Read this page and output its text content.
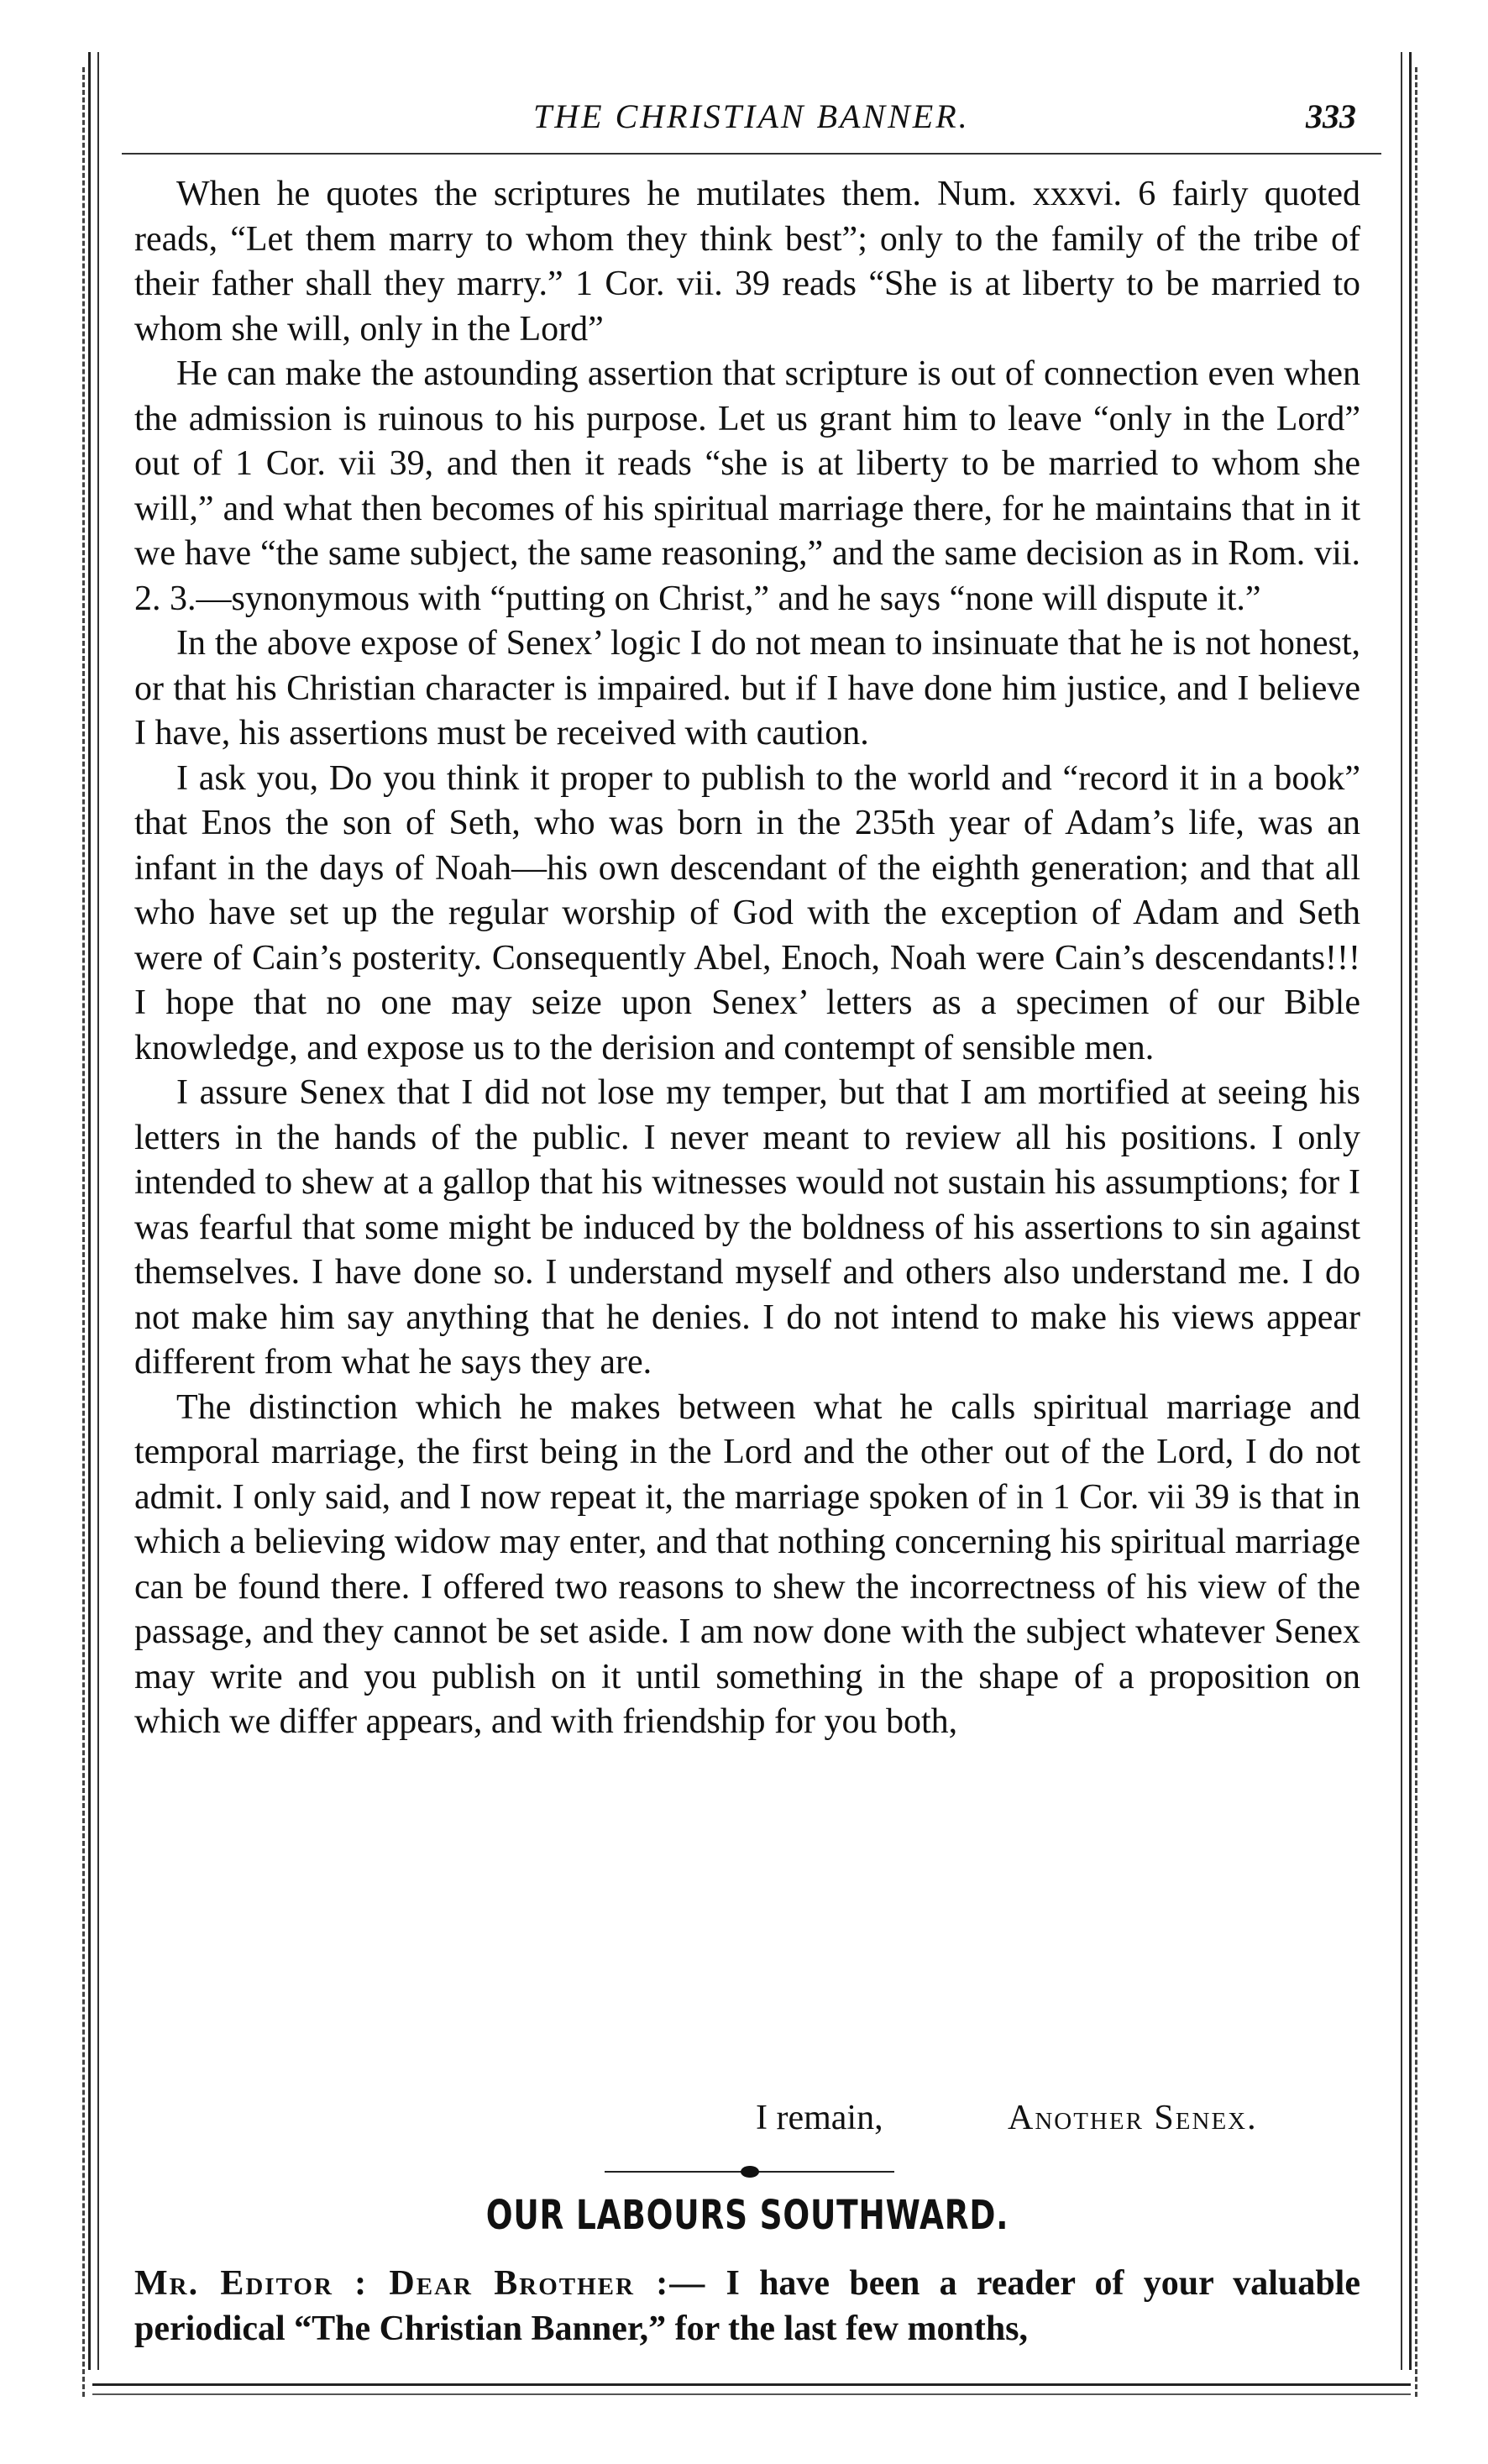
THE CHRISTIAN BANNER.	333

When he quotes the scriptures he mutilates them. Num. xxxvi. 6 fairly quoted reads, “Let them marry to whom they think best”; only to the family of the tribe of their father shall they marry.” 1 Cor. vii. 39 reads “She is at liberty to be married to whom she will, only in the Lord”

He can make the astounding assertion that scripture is out of connection even when the admission is ruinous to his purpose. Let us grant him to leave “only in the Lord” out of 1 Cor. vii 39, and then it reads “she is at liberty to be married to whom she will,” and what then becomes of his spiritual marriage there, for he maintains that in it we have “the same subject, the same reasoning,” and the same decision as in Rom. vii. 2. 3.—synonymous with “putting on Christ,” and he says “none will dispute it.”

In the above expose of Senex’ logic I do not mean to insinuate that he is not honest, or that his Christian character is impaired. but if I have done him justice, and I believe I have, his assertions must be received with caution.

I ask you, Do you think it proper to publish to the world and “record it in a book” that Enos the son of Seth, who was born in the 235th year of Adam’s life, was an infant in the days of Noah—his own descendant of the eighth generation; and that all who have set up the regular worship of God with the exception of Adam and Seth were of Cain’s posterity. Consequently Abel, Enoch, Noah were Cain’s descendants!!! I hope that no one may seize upon Senex’ letters as a specimen of our Bible knowledge, and expose us to the derision and contempt of sensible men.

I assure Senex that I did not lose my temper, but that I am mortified at seeing his letters in the hands of the public. I never meant to review all his positions. I only intended to shew at a gallop that his witnesses would not sustain his assumptions; for I was fearful that some might be induced by the boldness of his assertions to sin against themselves. I have done so. I understand myself and others also understand me. I do not make him say anything that he denies. I do not intend to make his views appear different from what he says they are.

The distinction which he makes between what he calls spiritual marriage and temporal marriage, the first being in the Lord and the other out of the Lord, I do not admit. I only said, and I now repeat it, the marriage spoken of in 1 Cor. vii 39 is that in which a believing widow may enter, and that nothing concerning his spiritual marriage can be found there. I offered two reasons to shew the incorrectness of his view of the passage, and they cannot be set aside. I am now done with the subject whatever Senex may write and you publish on it until something in the shape of a proposition on which we differ appears, and with friendship for you both,

I remain,	Another Senex.
OUR LABOURS SOUTHWARD.
Mr. Editor : Dear Brother :— I have been a reader of your valuable periodical “The Christian Banner,” for the last few months,
